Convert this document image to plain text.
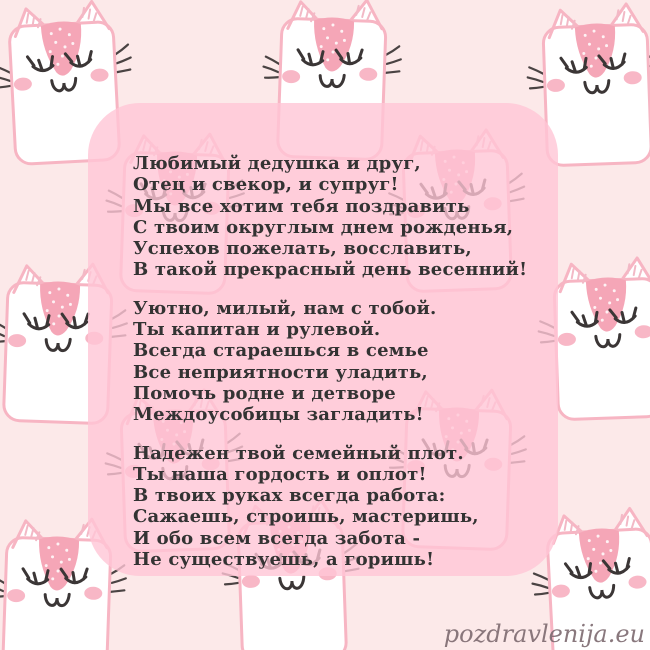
Любимый дедушка и друг,
Отец и свекор, и супруг!
Мы все хотим тебя поздравить
С твоим округлым днем рожденья,
Успехов пожелать, восславить,
В такой прекрасный день весенний!

Уютно, милый, нам с тобой.
Ты капитан и рулевой.
Всегда стараешься в семье
Все неприятности уладить,
Помочь родне и детворе
Междоусобицы загладить!

Надежен твой семейный плот.
Ты наша гордость и оплот!
В твоих руках всегда работа:
Сажаешь, строишь, мастеришь,
И обо всем всегда забота -
Не существуешь, а горишь!

pozdravlenija.eu
